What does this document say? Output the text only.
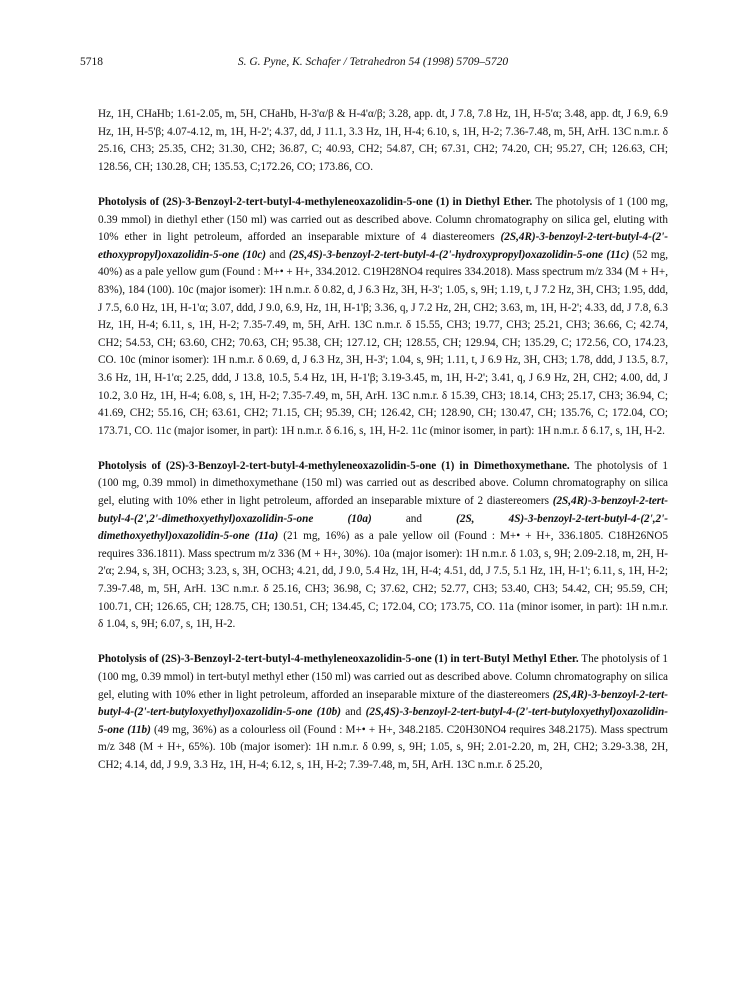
5718	S. G. Pyne, K. Schafer / Tetrahedron 54 (1998) 5709–5720

Hz, 1H, CHaHb; 1.61-2.05, m, 5H, CHaHb, H-3'α/β & H-4'α/β; 3.28, app. dt, J 7.8, 7.8 Hz, 1H, H-5'α; 3.48, app. dt, J 6.9, 6.9 Hz, 1H, H-5'β; 4.07-4.12, m, 1H, H-2'; 4.37, dd, J 11.1, 3.3 Hz, 1H, H-4; 6.10, s, 1H, H-2; 7.36-7.48, m, 5H, ArH. 13C n.m.r. δ 25.16, CH3; 25.35, CH2; 31.30, CH2; 36.87, C; 40.93, CH2; 54.87, CH; 67.31, CH2; 74.20, CH; 95.27, CH; 126.63, CH; 128.56, CH; 130.28, CH; 135.53, C;172.26, CO; 173.86, CO.

Photolysis of (2S)-3-Benzoyl-2-tert-butyl-4-methyleneoxazolidin-5-one (1) in Diethyl Ether. The photolysis of 1 (100 mg, 0.39 mmol) in diethyl ether (150 ml) was carried out as described above. Column chromatography on silica gel, eluting with 10% ether in light petroleum, afforded an inseparable mixture of 4 diastereomers (2S,4R)-3-benzoyl-2-tert-butyl-4-(2'-ethoxypropyl)oxazolidin-5-one (10c) and (2S,4S)-3-benzoyl-2-tert-butyl-4-(2'-hydroxypropyl)oxazolidin-5-one (11c) (52 mg, 40%) as a pale yellow gum (Found : M+• + H+, 334.2012. C19H28NO4 requires 334.2018). Mass spectrum m/z 334 (M + H+, 83%), 184 (100). 10c (major isomer): 1H n.m.r. δ 0.82, d, J 6.3 Hz, 3H, H-3'; 1.05, s, 9H; 1.19, t, J 7.2 Hz, 3H, CH3; 1.95, ddd, J 7.5, 6.0 Hz, 1H, H-1'α; 3.07, ddd, J 9.0, 6.9, Hz, 1H, H-1'β; 3.36, q, J 7.2 Hz, 2H, CH2; 3.63, m, 1H, H-2'; 4.33, dd, J 7.8, 6.3 Hz, 1H, H-4; 6.11, s, 1H, H-2; 7.35-7.49, m, 5H, ArH. 13C n.m.r. δ 15.55, CH3; 19.77, CH3; 25.21, CH3; 36.66, C; 42.74, CH2; 54.53, CH; 63.60, CH2; 70.63, CH; 95.38, CH; 127.12, CH; 128.55, CH; 129.94, CH; 135.29, C; 172.56, CO, 174.23, CO. 10c (minor isomer): 1H n.m.r. δ 0.69, d, J 6.3 Hz, 3H, H-3'; 1.04, s, 9H; 1.11, t, J 6.9 Hz, 3H, CH3; 1.78, ddd, J 13.5, 8.7, 3.6 Hz, 1H, H-1'α; 2.25, ddd, J 13.8, 10.5, 5.4 Hz, 1H, H-1'β; 3.19-3.45, m, 1H, H-2'; 3.41, q, J 6.9 Hz, 2H, CH2; 4.00, dd, J 10.2, 3.0 Hz, 1H, H-4; 6.08, s, 1H, H-2; 7.35-7.49, m, 5H, ArH. 13C n.m.r. δ 15.39, CH3; 18.14, CH3; 25.17, CH3; 36.94, C; 41.69, CH2; 55.16, CH; 63.61, CH2; 71.15, CH; 95.39, CH; 126.42, CH; 128.90, CH; 130.47, CH; 135.76, C; 172.04, CO; 173.71, CO. 11c (major isomer, in part): 1H n.m.r. δ 6.16, s, 1H, H-2. 11c (minor isomer, in part): 1H n.m.r. δ 6.17, s, 1H, H-2.

Photolysis of (2S)-3-Benzoyl-2-tert-butyl-4-methyleneoxazolidin-5-one (1) in Dimethoxymethane. The photolysis of 1 (100 mg, 0.39 mmol) in dimethoxymethane (150 ml) was carried out as described above. Column chromatography on silica gel, eluting with 10% ether in light petroleum, afforded an inseparable mixture of 2 diastereomers (2S,4R)-3-benzoyl-2-tert-butyl-4-(2',2'-dimethoxyethyl)oxazolidin-5-one (10a) and (2S, 4S)-3-benzoyl-2-tert-butyl-4-(2',2'-dimethoxyethyl)oxazolidin-5-one (11a) (21 mg, 16%) as a pale yellow oil (Found : M+• + H+, 336.1805. C18H26NO5 requires 336.1811). Mass spectrum m/z 336 (M + H+, 30%). 10a (major isomer): 1H n.m.r. δ 1.03, s, 9H; 2.09-2.18, m, 2H, H-2'α; 2.94, s, 3H, OCH3; 3.23, s, 3H, OCH3; 4.21, dd, J 9.0, 5.4 Hz, 1H, H-4; 4.51, dd, J 7.5, 5.1 Hz, 1H, H-1'; 6.11, s, 1H, H-2; 7.39-7.48, m, 5H, ArH. 13C n.m.r. δ 25.16, CH3; 36.98, C; 37.62, CH2; 52.77, CH3; 53.40, CH3; 54.42, CH; 95.59, CH; 100.71, CH; 126.65, CH; 128.75, CH; 130.51, CH; 134.45, C; 172.04, CO; 173.75, CO. 11a (minor isomer, in part): 1H n.m.r. δ 1.04, s, 9H; 6.07, s, 1H, H-2.

Photolysis of (2S)-3-Benzoyl-2-tert-butyl-4-methyleneoxazolidin-5-one (1) in tert-Butyl Methyl Ether. The photolysis of 1 (100 mg, 0.39 mmol) in tert-butyl methyl ether (150 ml) was carried out as described above. Column chromatography on silica gel, eluting with 10% ether in light petroleum, afforded an inseparable mixture of the diastereomers (2S,4R)-3-benzoyl-2-tert-butyl-4-(2'-tert-butyloxyethyl)oxazolidin-5-one (10b) and (2S,4S)-3-benzoyl-2-tert-butyl-4-(2'-tert-butyloxyethyl)oxazolidin-5-one (11b) (49 mg, 36%) as a colourless oil (Found : M+• + H+, 348.2185. C20H30NO4 requires 348.2175). Mass spectrum m/z 348 (M + H+, 65%). 10b (major isomer): 1H n.m.r. δ 0.99, s, 9H; 1.05, s, 9H; 2.01-2.20, m, 2H, CH2; 3.29-3.38, 2H, CH2; 4.14, dd, J 9.9, 3.3 Hz, 1H, H-4; 6.12, s, 1H, H-2; 7.39-7.48, m, 5H, ArH. 13C n.m.r. δ 25.20,
